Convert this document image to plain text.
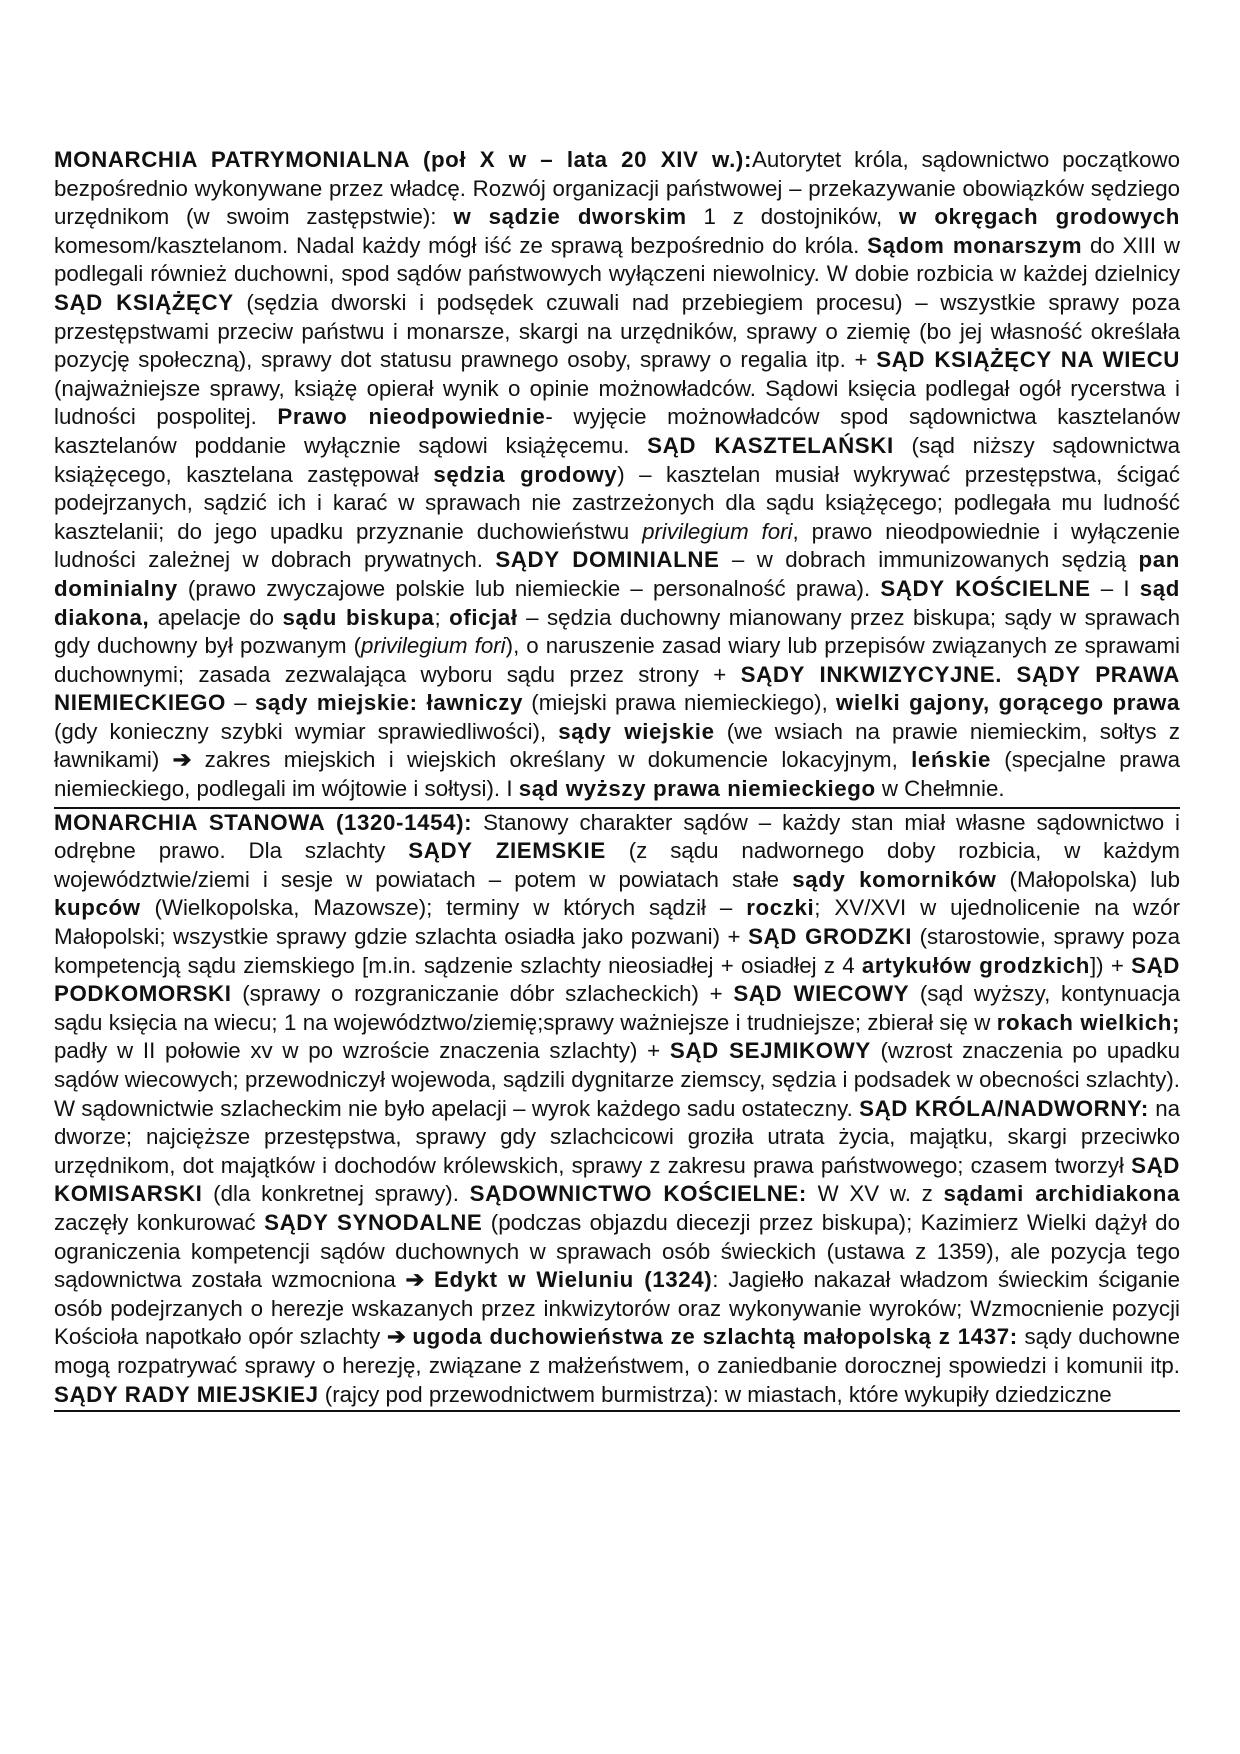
MONARCHIA PATRYMONIALNA (poł X w – lata 20 XIV w.):Autorytet króla, sądownictwo początkowo bezpośrednio wykonywane przez władcę. Rozwój organizacji państwowej – przekazywanie obowiązków sędziego urzędnikom (w swoim zastępstwie): w sądzie dworskim 1 z dostojników, w okręgach grodowych komesom/kasztelanom. Nadal każdy mógł iść ze sprawą bezpośrednio do króla. Sądom monarszym do XIII w podlegali również duchowni, spod sądów państwowych wyłączeni niewolnicy. W dobie rozbicia w każdej dzielnicy SĄD KSIĄŻĘCY (sędzia dworski i podsędek czuwali nad przebiegiem procesu) – wszystkie sprawy poza przestępstwami przeciw państwu i monarsze, skargi na urzędników, sprawy o ziemię (bo jej własność określała pozycję społeczną), sprawy dot statusu prawnego osoby, sprawy o regalia itp. + SĄD KSIĄŻĘCY NA WIECU (najważniejsze sprawy, książę opierał wynik o opinie możnowładców. Sądowi księcia podlegał ogół rycerstwa i ludności pospolitej. Prawo nieodpowiednie- wyjęcie możnowładców spod sądownictwa kasztelanów kasztelanów poddanie wyłącznie sądowi książęcemu. SĄD KASZTELAŃSKI (sąd niższy sądownictwa książęcego, kasztelana zastępował sędzia grodowy) – kasztelan musiał wykrywać przestępstwa, ścigać podejrzanych, sądzić ich i karać w sprawach nie zastrzeżonych dla sądu książęcego; podlegała mu ludność kasztelanii; do jego upadku przyznanie duchowieństwu privilegium fori, prawo nieodpowiednie i wyłączenie ludności zależnej w dobrach prywatnych. SĄDY DOMINIALNE – w dobrach immunizowanych sędzią pan dominialny (prawo zwyczajowe polskie lub niemieckie – personalność prawa). SĄDY KOŚCIELNE – I sąd diakona, apelacje do sądu biskupa; oficjał – sędzia duchowny mianowany przez biskupa; sądy w sprawach gdy duchowny był pozwanym (privilegium fori), o naruszenie zasad wiary lub przepisów związanych ze sprawami duchownymi; zasada zezwalająca wyboru sądu przez strony + SĄDY INKWIZYCYJNE. SĄDY PRAWA NIEMIECKIEGO – sądy miejskie: ławniczy (miejski prawa niemieckiego), wielki gajony, gorącego prawa (gdy konieczny szybki wymiar sprawiedliwości), sądy wiejskie (we wsiach na prawie niemieckim, sołtys z ławnikami) ➔ zakres miejskich i wiejskich określany w dokumencie lokacyjnym, leńskie (specjalne prawa niemieckiego, podlegali im wójtowie i sołtysi). I sąd wyższy prawa niemieckiego w Chełmnie.

MONARCHIA STANOWA (1320-1454): Stanowy charakter sądów – każdy stan miał własne sądownictwo i odrębne prawo. Dla szlachty SĄDY ZIEMSKIE (z sądu nadwornego doby rozbicia, w każdym województwie/ziemi i sesje w powiatach – potem w powiatach stałe sądy komorników (Małopolska) lub kupców (Wielkopolska, Mazowsze); terminy w których sądził – roczki; XV/XVI w ujednolicenie na wzór Małopolski; wszystkie sprawy gdzie szlachta osiadła jako pozwani) + SĄD GRODZKI (starostowie, sprawy poza kompetencją sądu ziemskiego [m.in. sądzenie szlachty nieosiadłej + osiadłej z 4 artykułów grodzkich]) + SĄD PODKOMORSKI (sprawy o rozgraniczanie dóbr szlacheckich) + SĄD WIECOWY (sąd wyższy, kontynuacja sądu księcia na wiecu; 1 na województwo/ziemię;sprawy ważniejsze i trudniejsze; zbierał się w rokach wielkich; padły w II połowie xv w po wzroście znaczenia szlachty) + SĄD SEJMIKOWY (wzrost znaczenia po upadku sądów wiecowych; przewodniczył wojewoda, sądzili dygnitarze ziemscy, sędzia i podsadek w obecności szlachty). W sądownictwie szlacheckim nie było apelacji – wyrok każdego sadu ostateczny. SĄD KRÓLA/NADWORNY: na dworze; najcięższe przestępstwa, sprawy gdy szlachcicowi groziła utrata życia, majątku, skargi przeciwko urzędnikom, dot majątków i dochodów królewskich, sprawy z zakresu prawa państwowego; czasem tworzył SĄD KOMISARSKI (dla konkretnej sprawy). SĄDOWNICTWO KOŚCIELNE: W XV w. z sądami archidiakona zaczęły konkurować SĄDY SYNODALNE (podczas objazdu diecezji przez biskupa); Kazimierz Wielki dążył do ograniczenia kompetencji sądów duchownych w sprawach osób świeckich (ustawa z 1359), ale pozycja tego sądownictwa została wzmocniona ➔ Edykt w Wieluniu (1324): Jagiełło nakazał władzom świeckim ściganie osób podejrzanych o herezje wskazanych przez inkwizytorów oraz wykonywanie wyroków; Wzmocnienie pozycji Kościoła napotkało opór szlachty ➔ ugoda duchowieństwa ze szlachtą małopolską z 1437: sądy duchowne mogą rozpatrywać sprawy o herezję, związane z małżeństwem, o zaniedbanie dorocznej spowiedzi i komunii itp. SĄDY RADY MIEJSKIEJ (rajcy pod przewodnictwem burmistrza): w miastach, które wykupiły dziedziczne
